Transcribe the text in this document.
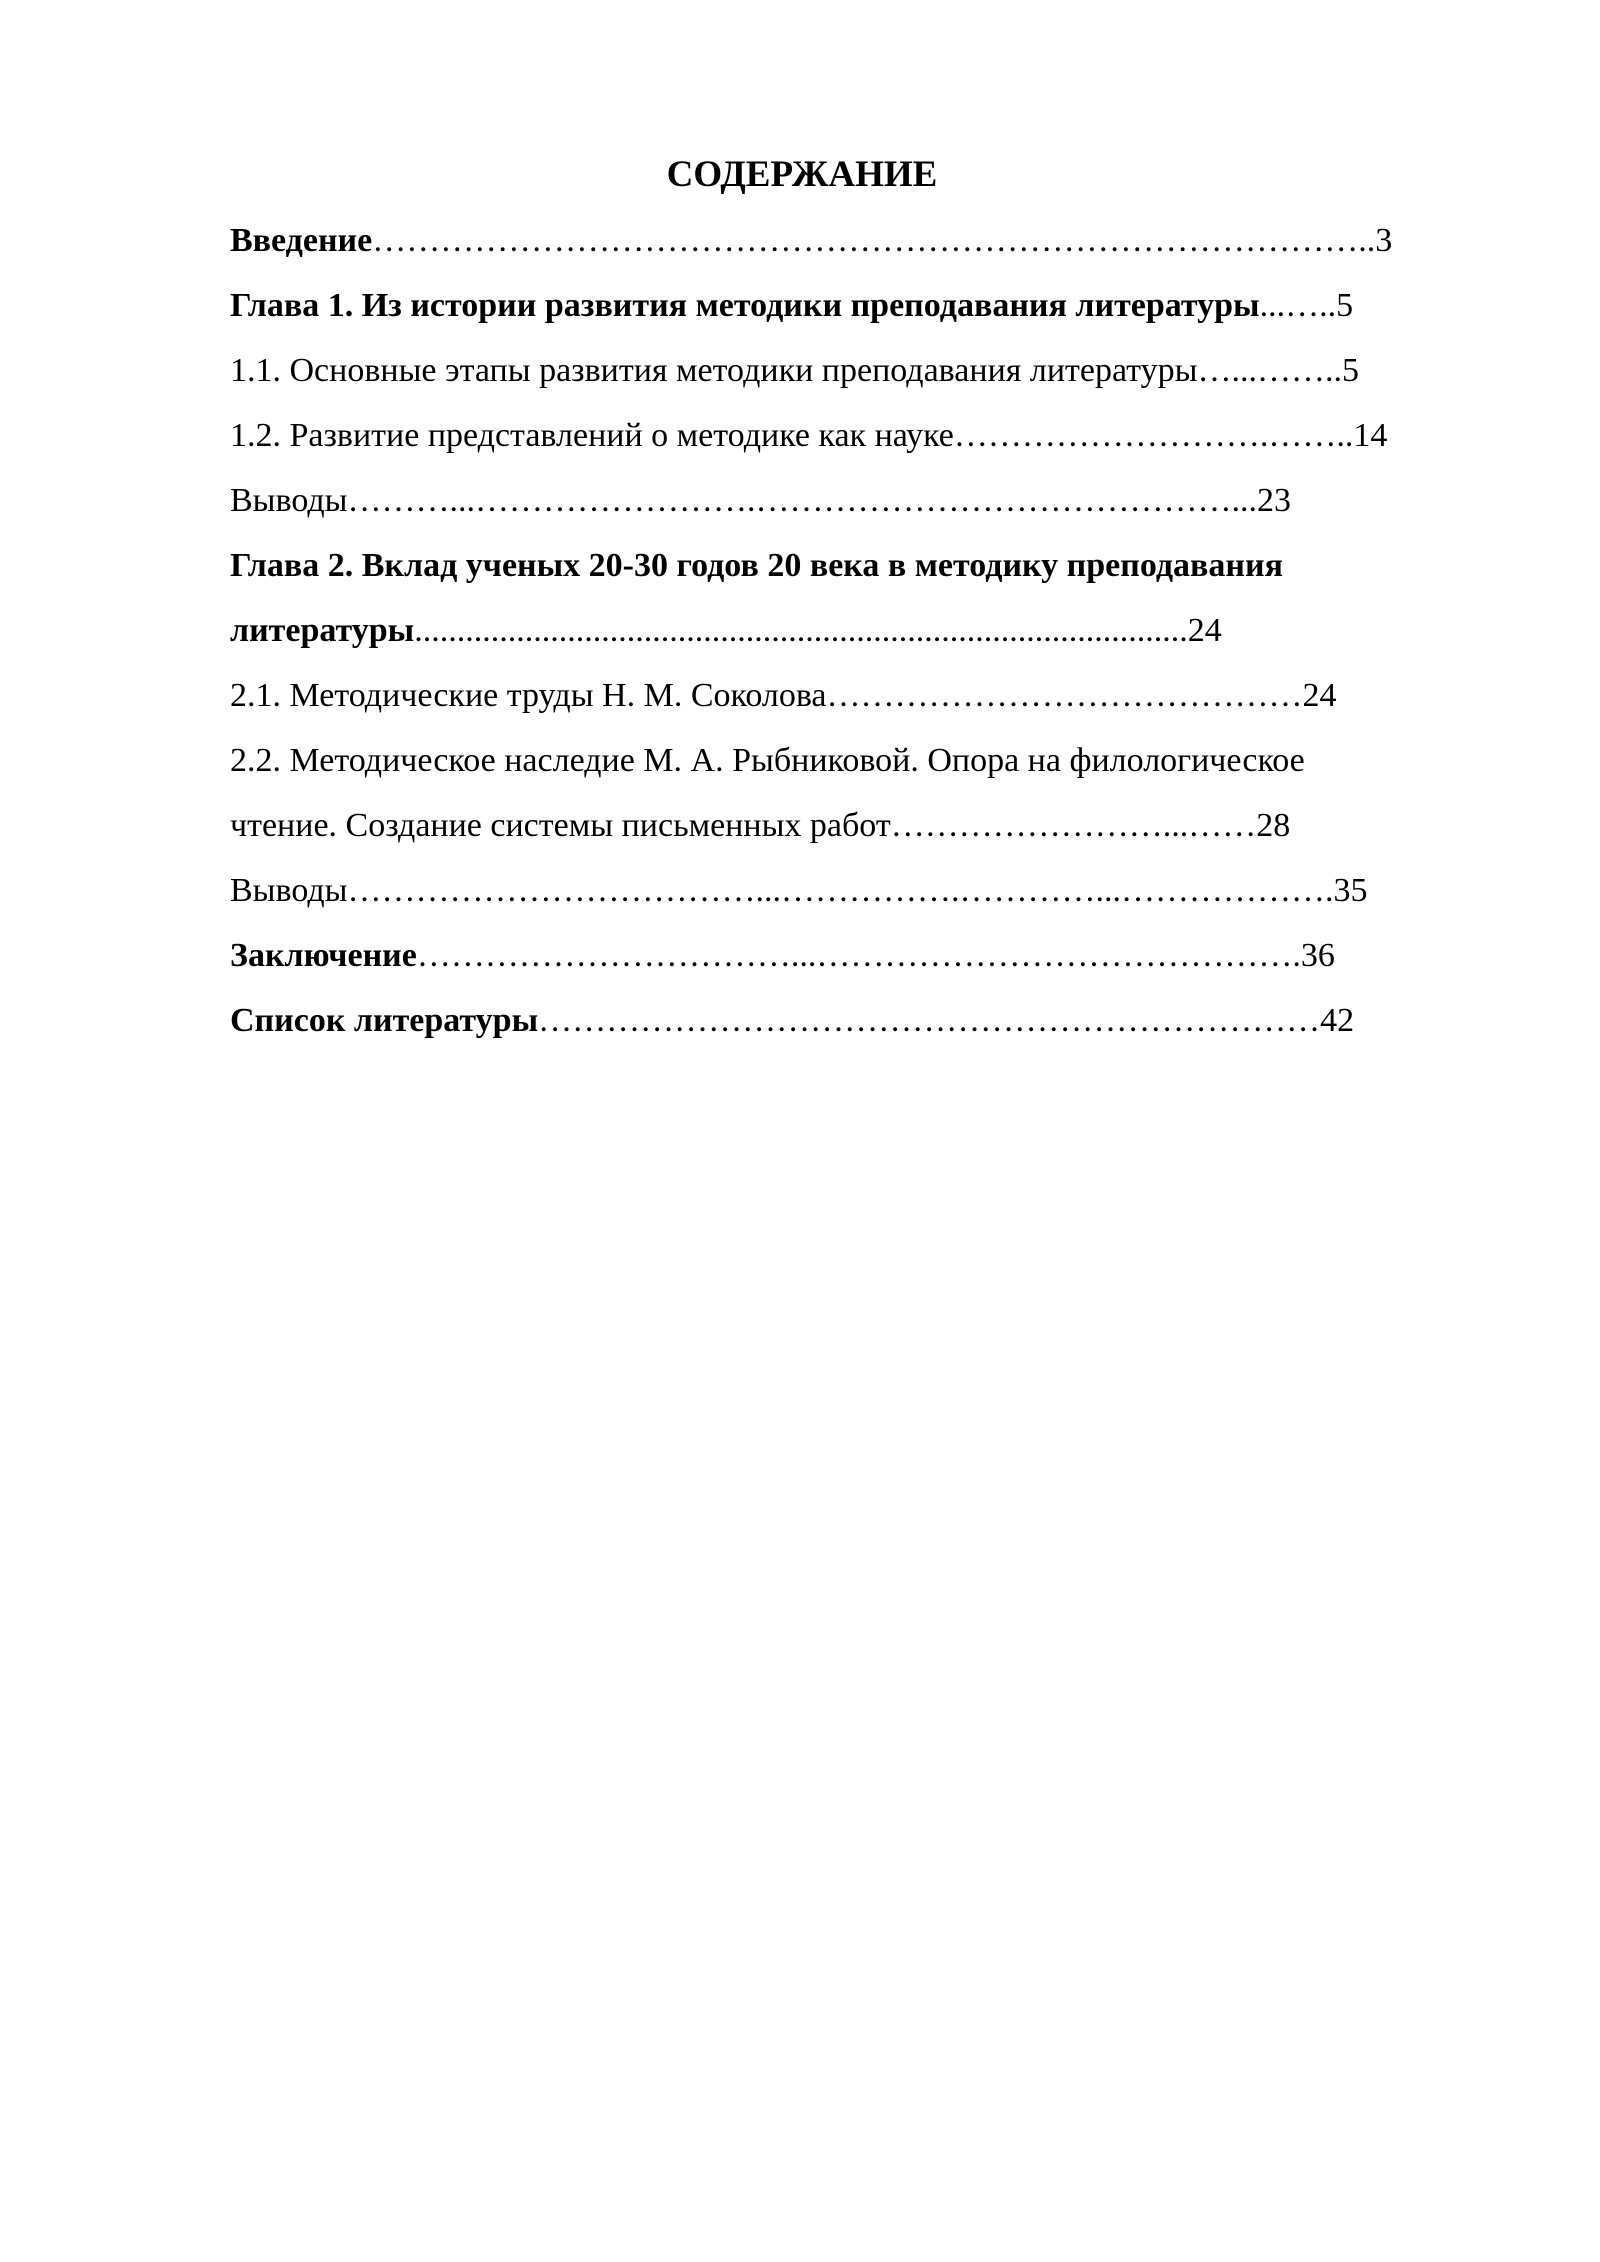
СОДЕРЖАНИЕ
Введение……………………………………………………………………………..3
Глава 1. Из истории развития методики преподавания литературы...…..5
1.1. Основные этапы развития методики преподавания литературы…...……..5
1.2. Развитие представлений о методике как науке……………………….……..14
Выводы………...…………………….……………………………………...23
Глава 2. Вклад ученых 20-30 годов 20 века в методику преподавания
литературы...........................................................................................24
2.1. Методические труды Н. М. Соколова……………………………………24
2.2. Методическое наследие М. А. Рыбниковой. Опора на филологическое
чтение. Создание системы письменных работ……………………...……28
Выводы………………………………...…………….…………...……………….35
Заключение……………………………...…………………………………….36
Список литературы……………………………………………………………42
